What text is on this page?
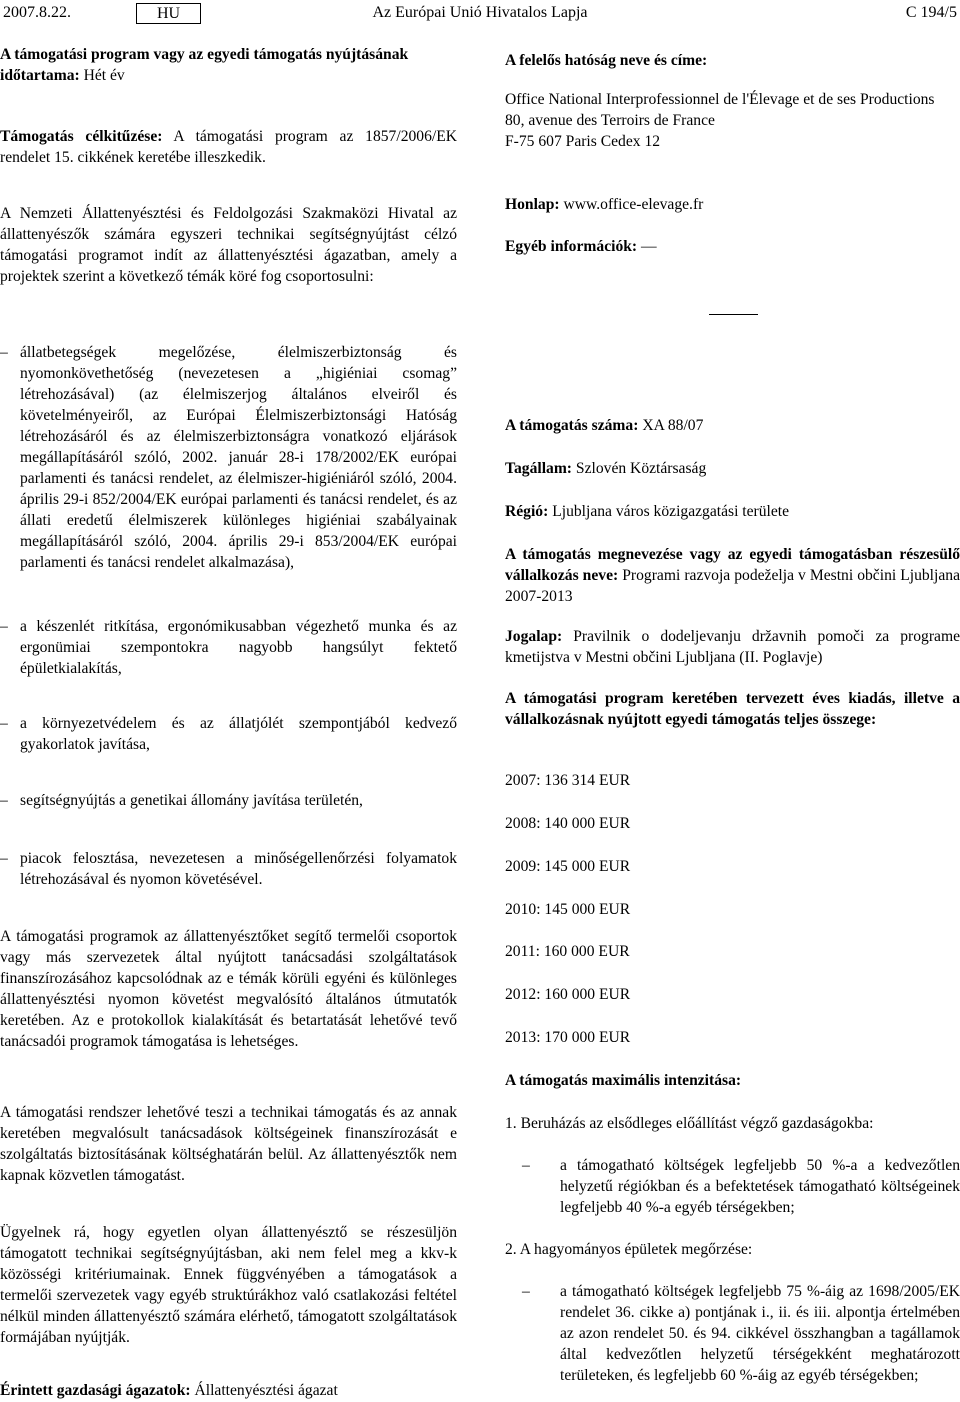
2007.8.22.	HU	Az Európai Unió Hivatalos Lapja	C 194/5

A támogatási program vagy az egyedi támogatás nyújtásának időtartama: Hét év

Támogatás célkitűzése: A támogatási program az 1857/2006/EK rendelet 15. cikkének keretébe illeszkedik.

A Nemzeti Állattenyésztési és Feldolgozási Szakmaközi Hivatal az állattenyészők számára egyszeri technikai segítségnyújtást célzó támogatási programot indít az állattenyésztési ágazatban, amely a projektek szerint a következő témák köré fog csoportosulni:

– állatbetegségek megelőzése, élelmiszerbiztonság és nyomonkövethetőség (nevezetesen a „higiéniai csomag” létrehozásával) (az élelmiszerjog általános elveiről és követelményeiről, az Európai Élelmiszerbiztonsági Hatóság létrehozásáról és az élelmiszerbiztonságra vonatkozó eljárások megállapításáról szóló, 2002. január 28-i 178/2002/EK európai parlamenti és tanácsi rendelet, az élelmiszer-higiéniáról szóló, 2004. április 29-i 852/2004/EK európai parlamenti és tanácsi rendelet, és az állati eredetű élelmiszerek különleges higiéniai szabályainak megállapításáról szóló, 2004. április 29-i 853/2004/EK európai parlamenti és tanácsi rendelet alkalmazása),
– a készenlét ritkítása, ergonómikusabban végezhető munka és az ergonümiai szempontokra nagyobb hangsúlyt fektető épületkialakítás,
– a környezetvédelem és az állatjólét szempontjából kedvező gyakorlatok javítása,
– segítségnyújtás a genetikai állomány javítása területén,
– piacok felosztása, nevezetesen a minőségellenőrzési folyamatok létrehozásával és nyomon követésével.

A támogatási programok az állattenyésztőket segítő termelői csoportok vagy más szervezetek által nyújtott tanácsadási szolgáltatások finanszírozásához kapcsolódnak az e témák körüli egyéni és különleges állattenyésztési nyomon követést megvalósító általános útmutatók keretében. Az e protokollok kialakítását és betartatását lehetővé tevő tanácsadói programok támogatása is lehetséges.

A támogatási rendszer lehetővé teszi a technikai támogatás és az annak keretében megvalósult tanácsadások költségeinek finanszírozását e szolgáltatás biztosításának költséghatárán belül. Az állattenyésztők nem kapnak közvetlen támogatást.

Ügyelnek rá, hogy egyetlen olyan állattenyésztő se részesüljön támogatott technikai segítségnyújtásban, aki nem felel meg a kkv-k közösségi kritériumainak. Ennek függvényében a támogatások a termelői szervezetek vagy egyéb struktúrákhoz való csatlakozási feltétel nélkül minden állattenyésztő számára elérhető, támogatott szolgáltatások formájában nyújtják.

Érintett gazdasági ágazatok: Állattenyésztési ágazat

A felelős hatóság neve és címe:

Office National Interprofessionnel de l'Élevage et de ses Productions

80, avenue des Terroirs de France

F-75 607 Paris Cedex 12

Honlap: www.office-elevage.fr

Egyéb információk: —

A támogatás száma: XA 88/07

Tagállam: Szlovén Köztársaság

Régió: Ljubljana város közigazgatási területe

A támogatás megnevezése vagy az egyedi támogatásban részesülő vállalkozás neve: Programi razvoja podeželja v Mestni občini Ljubljana 2007-2013

Jogalap: Pravilnik o dodeljevanju državnih pomoči za programe kmetijstva v Mestni občini Ljubljana (II. Poglavje)

A támogatási program keretében tervezett éves kiadás, illetve a vállalkozásnak nyújtott egyedi támogatás teljes összege:

2007: 136 314 EUR
2008: 140 000 EUR
2009: 145 000 EUR
2010: 145 000 EUR
2011: 160 000 EUR
2012: 160 000 EUR
2013: 170 000 EUR

A támogatás maximális intenzitása:

1. Beruházás az elsődleges előállítást végző gazdaságokba:
– a támogatható költségek legfeljebb 50 %-a a kedvezőtlen helyzetű régiókban és a befektetések támogatható költségeinek legfeljebb 40 %-a egyéb térségekben;
2. A hagyományos épületek megőrzése:
– a támogatható költségek legfeljebb 75 %-áig az 1698/2005/EK rendelet 36. cikke a) pontjának i., ii. és iii. alpontja értelmében az azon rendelet 50. és 94. cikkével összhangban a tagállamok által kedvezőtlen helyzetű térségekként meghatározott területeken, és legfeljebb 60 %-áig az egyéb térségekben;
